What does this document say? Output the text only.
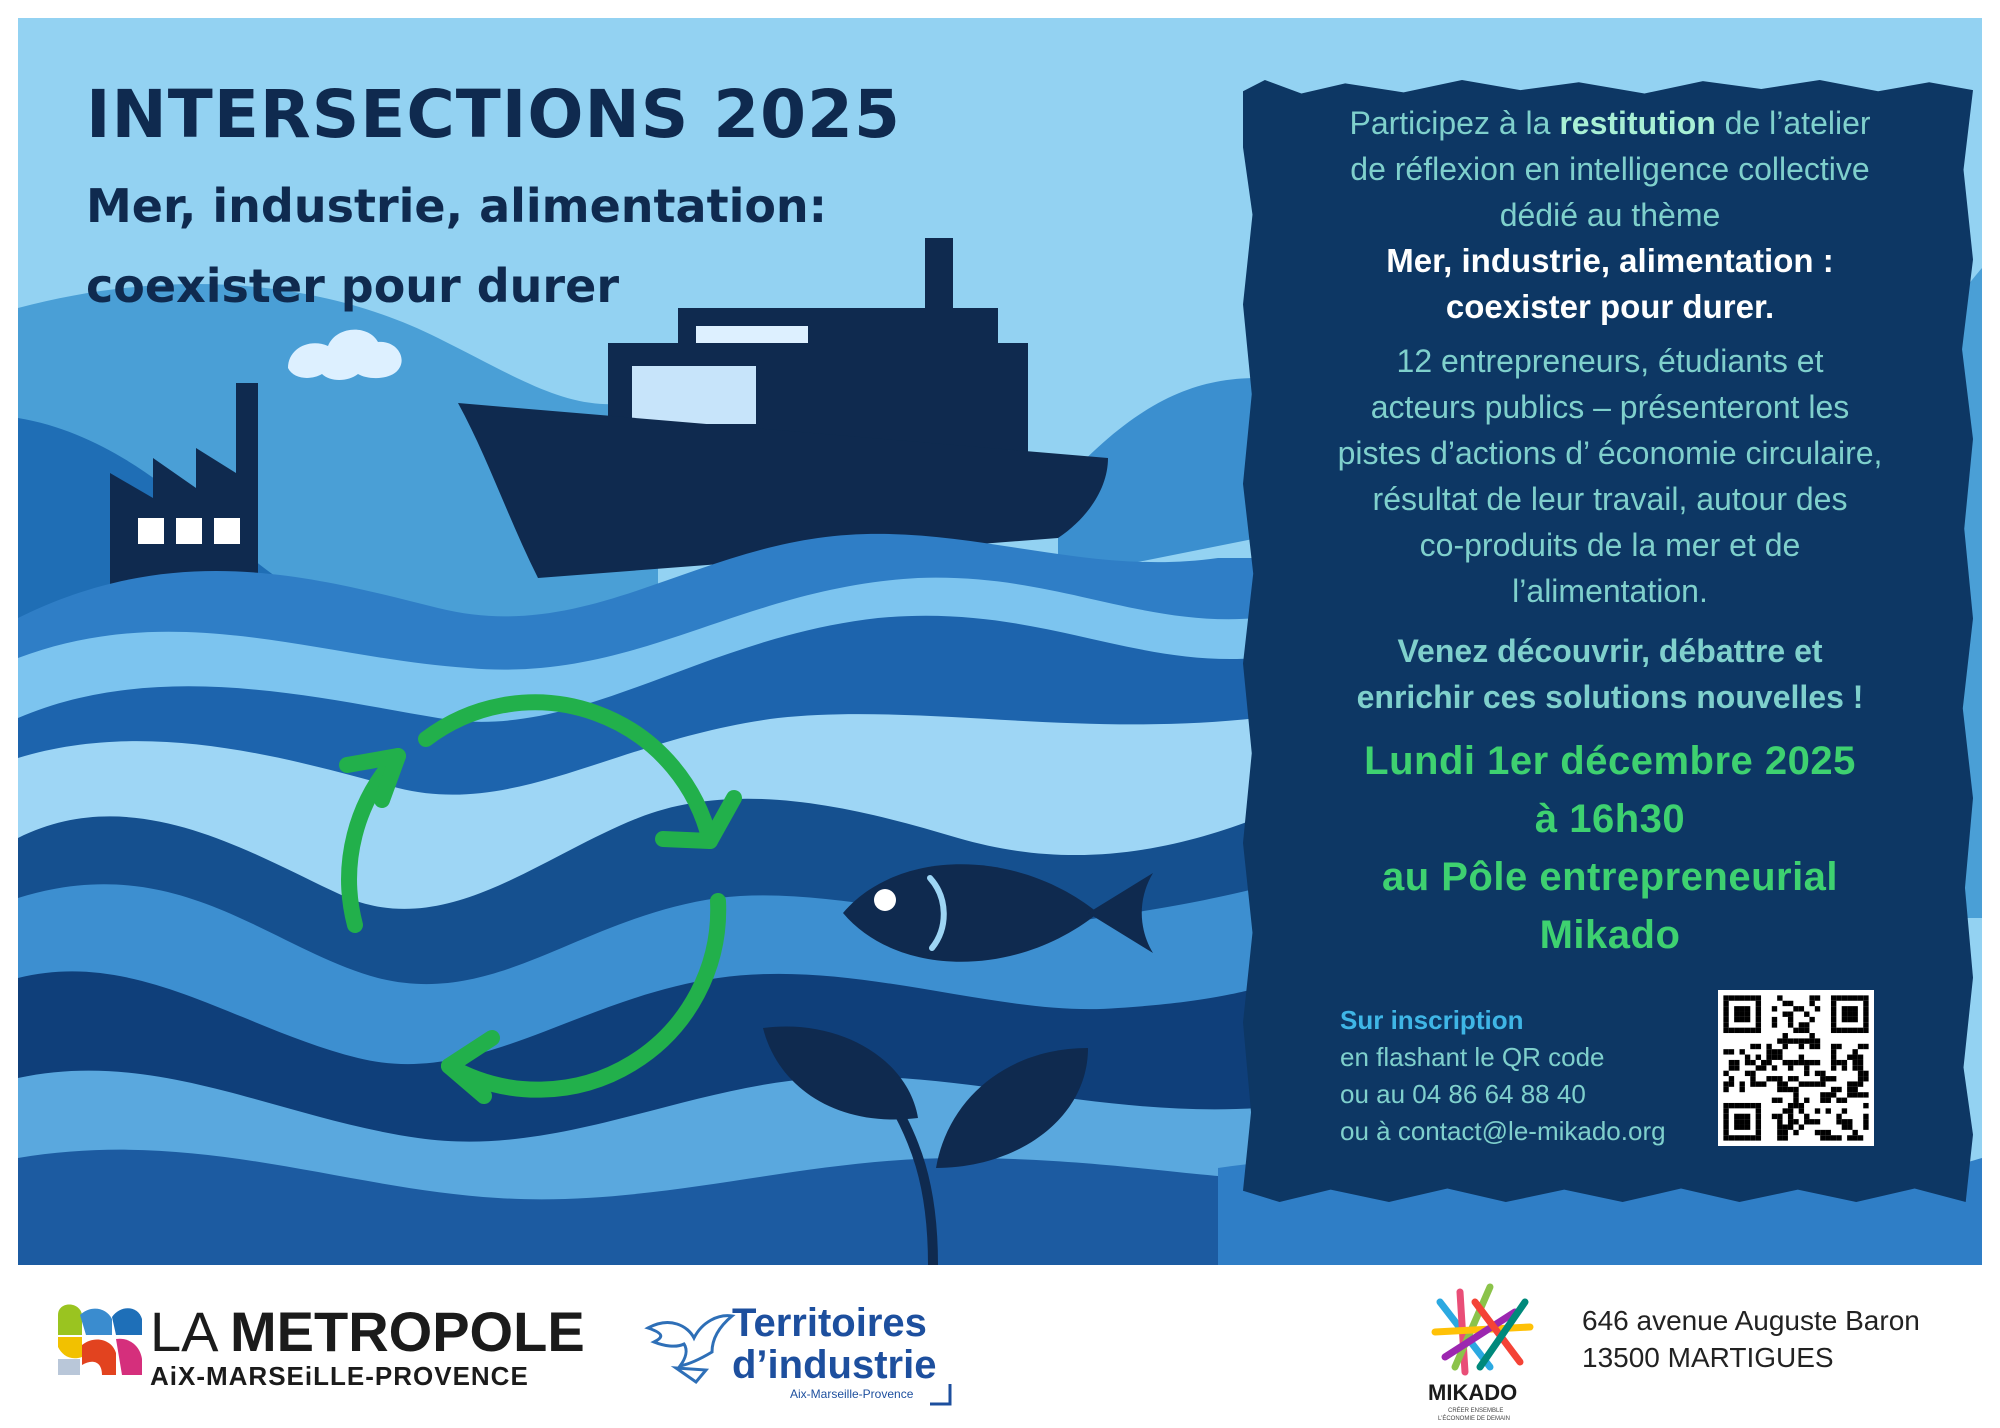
INTERSECTIONS 2025
Mer, industrie, alimentation:
coexister pour durer

Participez à la restitution de l’atelier
de réflexion en intelligence collective
dédié au thème

Mer, industrie, alimentation :
coexister pour durer.

12 entrepreneurs, étudiants et
acteurs publics – présenteront les
pistes d’actions d’ économie circulaire,
résultat de leur travail, autour des
co-produits de la mer et de
l’alimentation.

Venez découvrir, débattre et
enrichir ces solutions nouvelles !

Lundi 1er décembre 2025
à 16h30
au Pôle entrepreneurial
Mikado

Sur inscription
en flashant le QR code
ou au 04 86 64 88 40
ou à contact@le-mikado.org
LA METROPOLE
AiX-MARSEiLLE-PROVENCE
Territoires
d’industrie
Aix-Marseille-Provence	MIKADO
CRÉER ENSEMBLE
L’ÉCONOMIE DE DEMAIN
646 avenue Auguste Baron
13500 MARTIGUES
